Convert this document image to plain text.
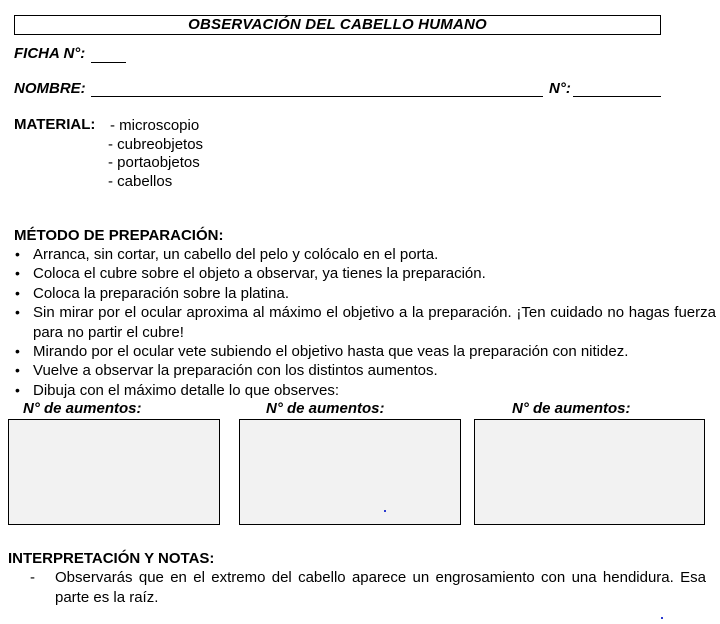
OBSERVACIÓN DEL CABELLO HUMANO
FICHA N°:
NOMBRE:	N°:
MATERIAL: - microscopio
- cubreobjetos
- portaobjetos
- cabellos
MÉTODO DE PREPARACIÓN:
• Arranca, sin cortar, un cabello del pelo y colócalo en el porta.
• Coloca el cubre sobre el objeto a observar, ya tienes la preparación.
• Coloca la preparación sobre la platina.
• Sin mirar por el ocular aproxima al máximo el objetivo a la preparación. ¡Ten cuidado no hagas fuerza para no partir el cubre!
• Mirando por el ocular vete subiendo el objetivo hasta que veas la preparación con nitidez.
• Vuelve a observar la preparación con los distintos aumentos.
• Dibuja con el máximo detalle lo que observes:
N° de aumentos:	N° de aumentos:	N° de aumentos:
INTERPRETACIÓN Y NOTAS:
- Observarás que en el extremo del cabello aparece un engrosamiento con una hendidura. Esa parte es la raíz.
